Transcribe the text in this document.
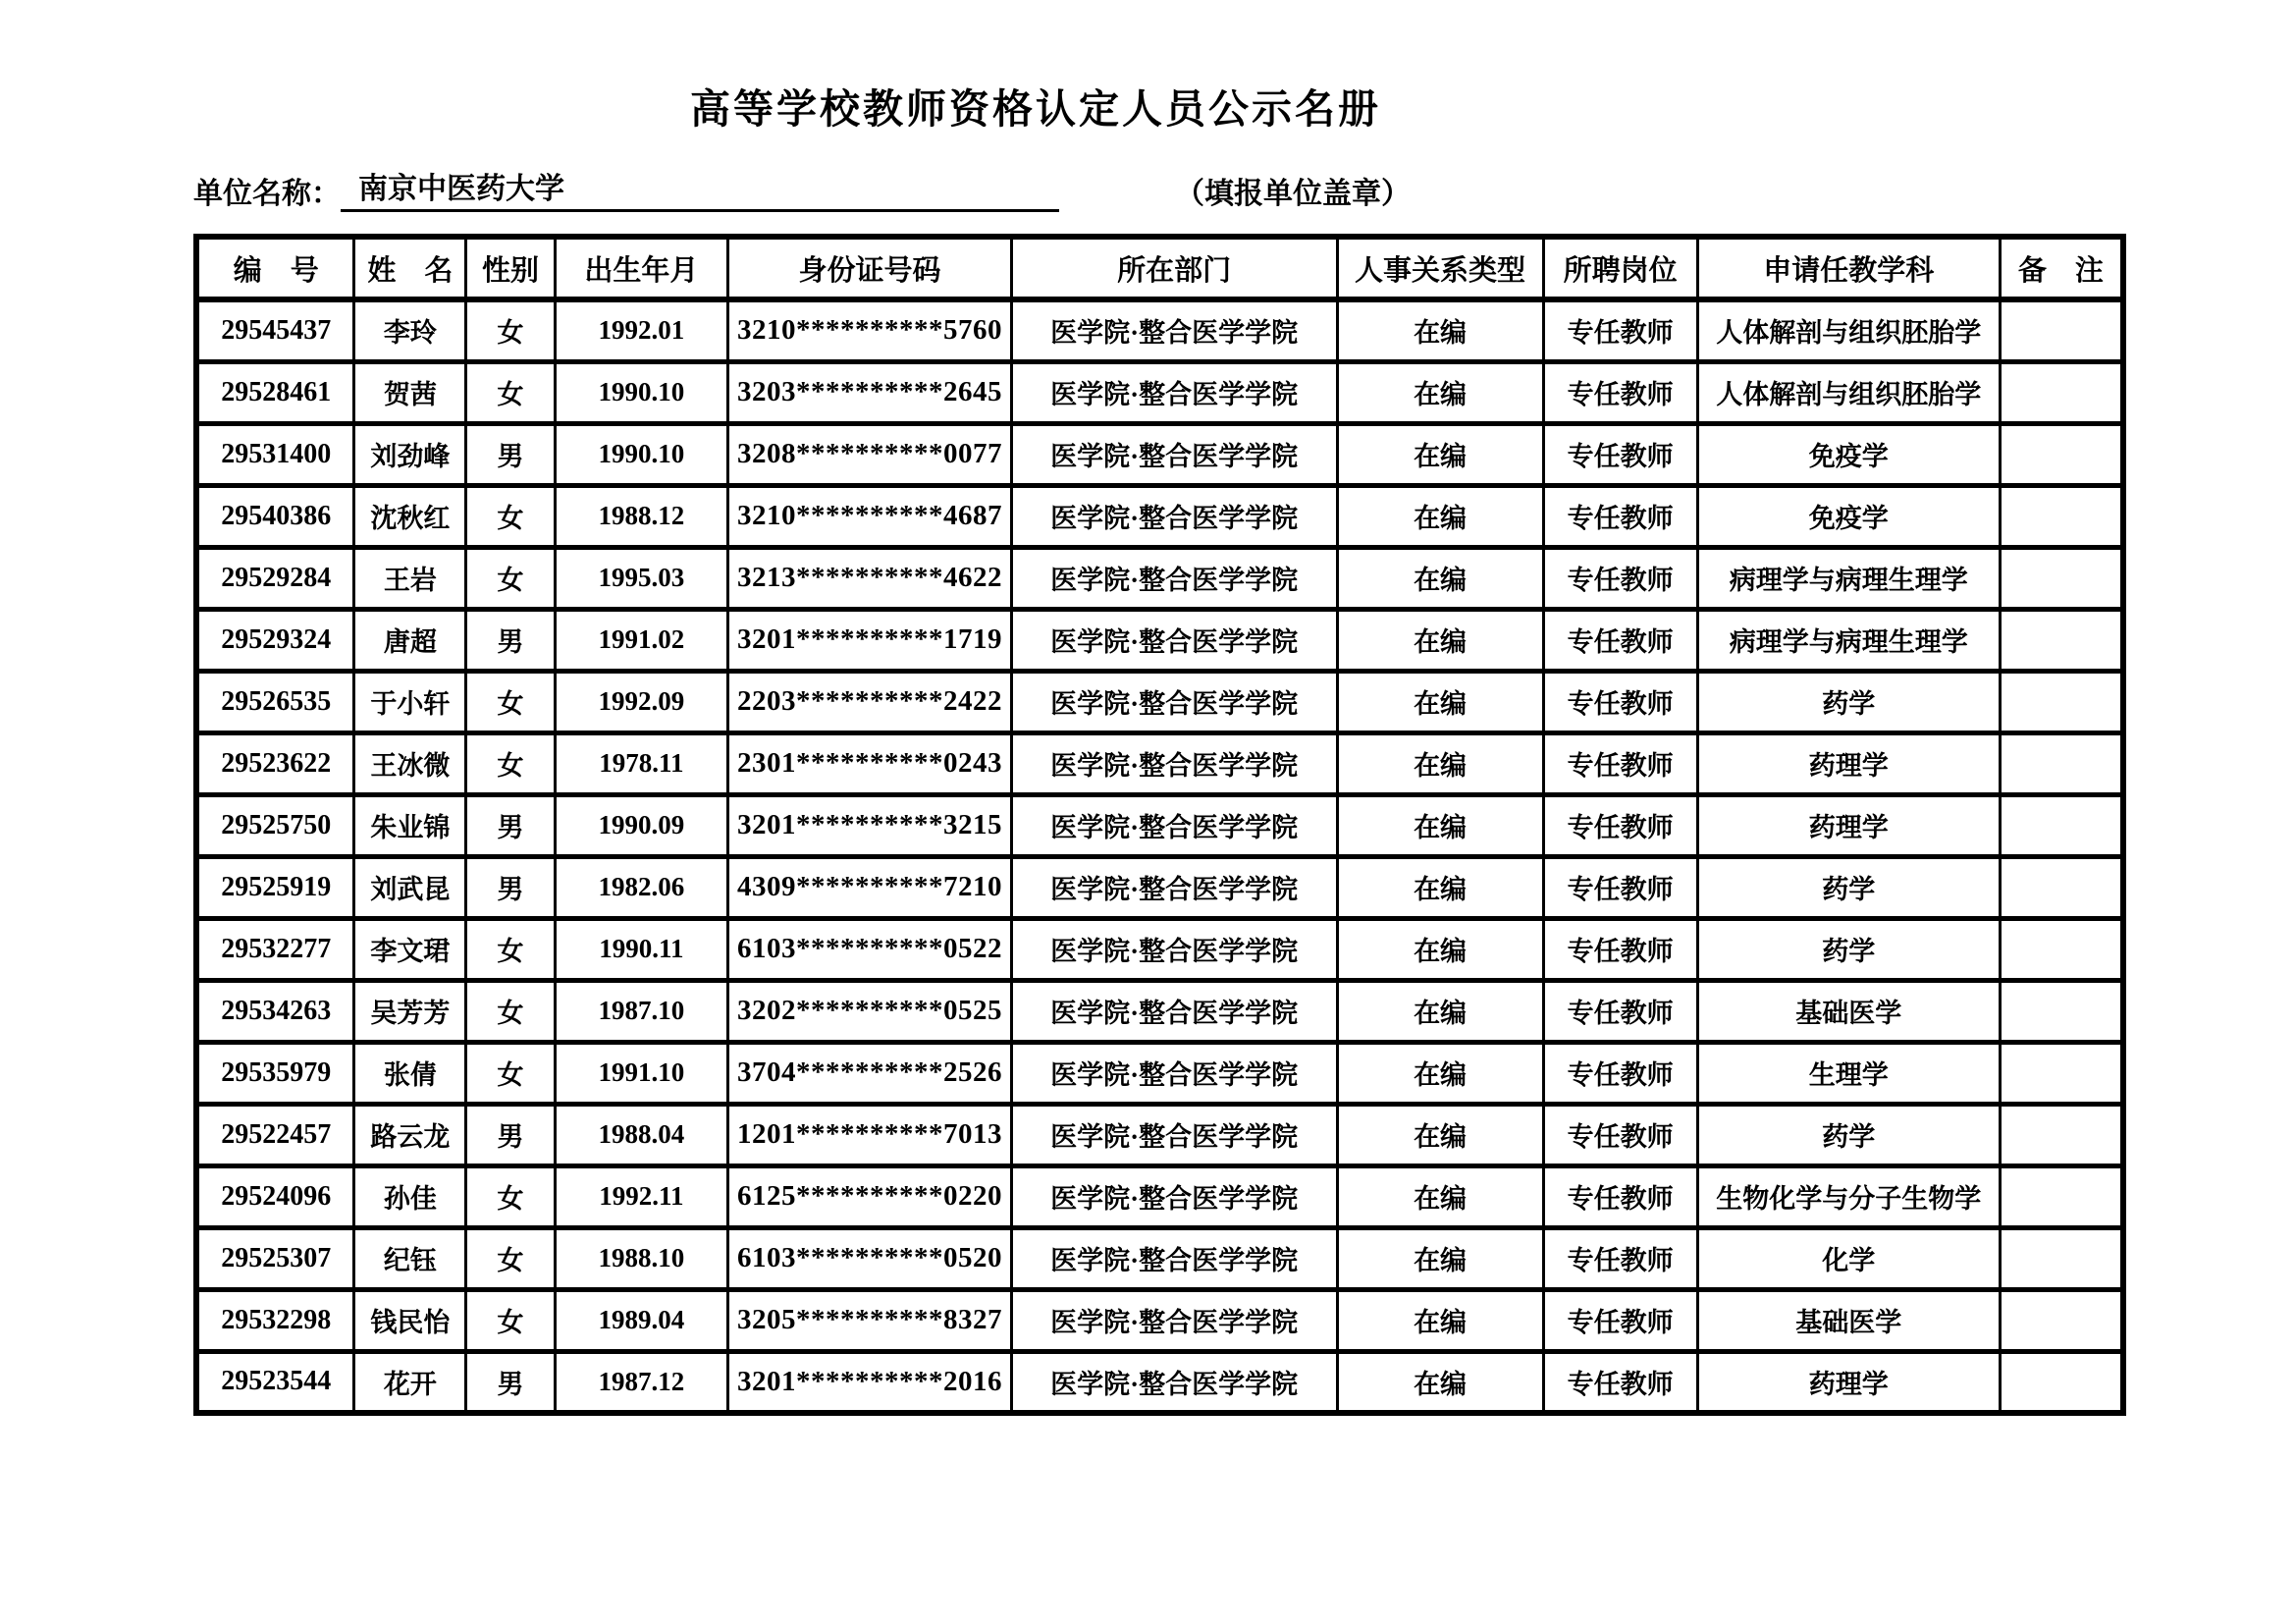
高等学校教师资格认定人员公示名册
单位名称： 南京中医药大学	（填报单位盖章）
编　号	姓　名	性别	出生年月	身份证号码	所在部门	人事关系类型	所聘岗位	申请任教学科	备　注
29545437	李玲	女	1992.01	3210**********5760	医学院·整合医学学院	在编	专任教师	人体解剖与组织胚胎学	
29528461	贺茜	女	1990.10	3203**********2645	医学院·整合医学学院	在编	专任教师	人体解剖与组织胚胎学	
29531400	刘劲峰	男	1990.10	3208**********0077	医学院·整合医学学院	在编	专任教师	免疫学	
29540386	沈秋红	女	1988.12	3210**********4687	医学院·整合医学学院	在编	专任教师	免疫学	
29529284	王岩	女	1995.03	3213**********4622	医学院·整合医学学院	在编	专任教师	病理学与病理生理学	
29529324	唐超	男	1991.02	3201**********1719	医学院·整合医学学院	在编	专任教师	病理学与病理生理学	
29526535	于小轩	女	1992.09	2203**********2422	医学院·整合医学学院	在编	专任教师	药学	
29523622	王冰微	女	1978.11	2301**********0243	医学院·整合医学学院	在编	专任教师	药理学	
29525750	朱业锦	男	1990.09	3201**********3215	医学院·整合医学学院	在编	专任教师	药理学	
29525919	刘武昆	男	1982.06	4309**********7210	医学院·整合医学学院	在编	专任教师	药学	
29532277	李文珺	女	1990.11	6103**********0522	医学院·整合医学学院	在编	专任教师	药学	
29534263	吴芳芳	女	1987.10	3202**********0525	医学院·整合医学学院	在编	专任教师	基础医学	
29535979	张倩	女	1991.10	3704**********2526	医学院·整合医学学院	在编	专任教师	生理学	
29522457	路云龙	男	1988.04	1201**********7013	医学院·整合医学学院	在编	专任教师	药学	
29524096	孙佳	女	1992.11	6125**********0220	医学院·整合医学学院	在编	专任教师	生物化学与分子生物学	
29525307	纪钰	女	1988.10	6103**********0520	医学院·整合医学学院	在编	专任教师	化学	
29532298	钱民怡	女	1989.04	3205**********8327	医学院·整合医学学院	在编	专任教师	基础医学	
29523544	花开	男	1987.12	3201**********2016	医学院·整合医学学院	在编	专任教师	药理学	
